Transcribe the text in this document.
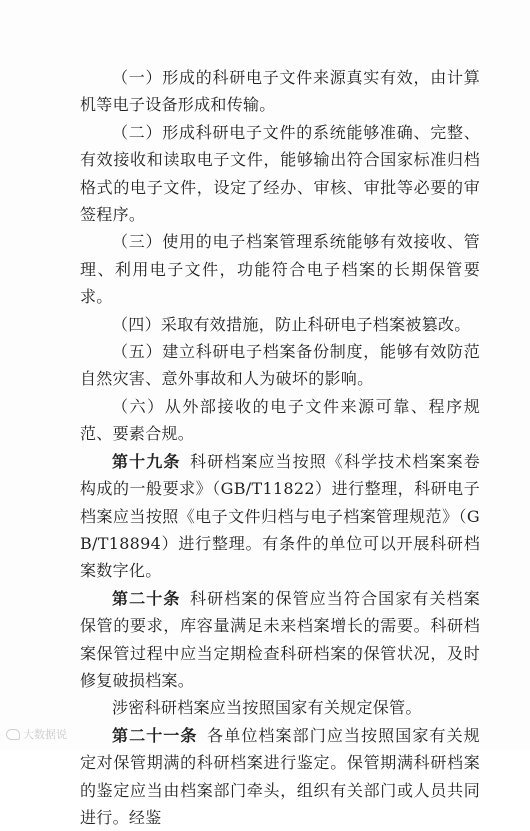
（一）形成的科研电子文件来源真实有效，由计算机等电子设备形成和传输。

（二）形成科研电子文件的系统能够准确、完整、有效接收和读取电子文件，能够输出符合国家标准归档格式的电子文件，设定了经办、审核、审批等必要的审签程序。

（三）使用的电子档案管理系统能够有效接收、管理、利用电子文件，功能符合电子档案的长期保管要求。

（四）采取有效措施，防止科研电子档案被篡改。

（五）建立科研电子档案备份制度，能够有效防范自然灾害、意外事故和人为破坏的影响。

（六）从外部接收的电子文件来源可靠、程序规范、要素合规。

第十九条 科研档案应当按照《科学技术档案案卷构成的一般要求》（GB/T11822）进行整理，科研电子档案应当按照《电子文件归档与电子档案管理规范》（GB/T18894）进行整理。有条件的单位可以开展科研档案数字化。

第二十条 科研档案的保管应当符合国家有关档案保管的要求，库容量满足未来档案增长的需要。科研档案保管过程中应当定期检查科研档案的保管状况，及时修复破损档案。

涉密科研档案应当按照国家有关规定保管。

第二十一条 各单位档案部门应当按照国家有关规定对保管期满的科研档案进行鉴定。保管期满科研档案的鉴定应当由档案部门牵头，组织有关部门或人员共同进行。经鉴

大数据说
